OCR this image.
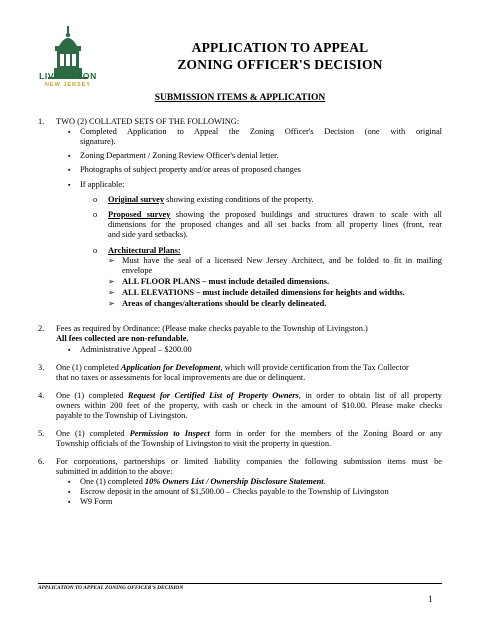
LIVINGSTON
NEW JERSEY
APPLICATION TO APPEAL
ZONING OFFICER'S DECISION
SUBMISSION ITEMS & APPLICATION
1. TWO (2) COLLATED SETS OF THE FOLLOWING:
▪ Completed Application to Appeal the Zoning Officer's Decision (one with original
signature).
▪ Zoning Department / Zoning Review Officer's denial letter.
▪ Photographs of subject property and/or areas of proposed changes
▪ If applicable:
o Original survey showing existing conditions of the property.
o Proposed survey showing the proposed buildings and structures drawn to scale with all
dimensions for the proposed changes and all set backs from all property lines (front, rear
and side yard setbacks).
o Architectural Plans:
➢ Must have the seal of a licensed New Jersey Architect, and be folded to fit in mailing
envelope
➢ ALL FLOOR PLANS – must include detailed dimensions.
➢ ALL ELEVATIONS – must include detailed dimensions for heights and widths.
➢ Areas of changes/alterations should be clearly delineated.
2. Fees as required by Ordinance: (Please make checks payable to the Township of Livingston.)
All fees collected are non-refundable.
▪ Administrative Appeal – $200.00
3. One (1) completed Application for Development, which will provide certification from the Tax Collector
that no taxes or assessments for local improvements are due or delinquent.
4. One (1) completed Request for Certified List of Property Owners, in order to obtain list of all property
owners within 200 feet of the property, with cash or check in the amount of $10.00. Please make checks
payable to the Township of Livingston.
5. One (1) completed Permission to Inspect form in order for the members of the Zoning Board or any
Township officials of the Township of Livingston to visit the property in question.
6. For corporations, partnerships or limited liability companies the following submission items must be
submitted in addition to the above:
▪ One (1) completed 10% Owners List / Ownership Disclosure Statement.
▪ Escrow deposit in the amount of $1,500.00 – Checks payable to the Township of Livingston
▪ W9 Form
APPLICATION TO APPEAL ZONING OFFICER'S DECISION
1
